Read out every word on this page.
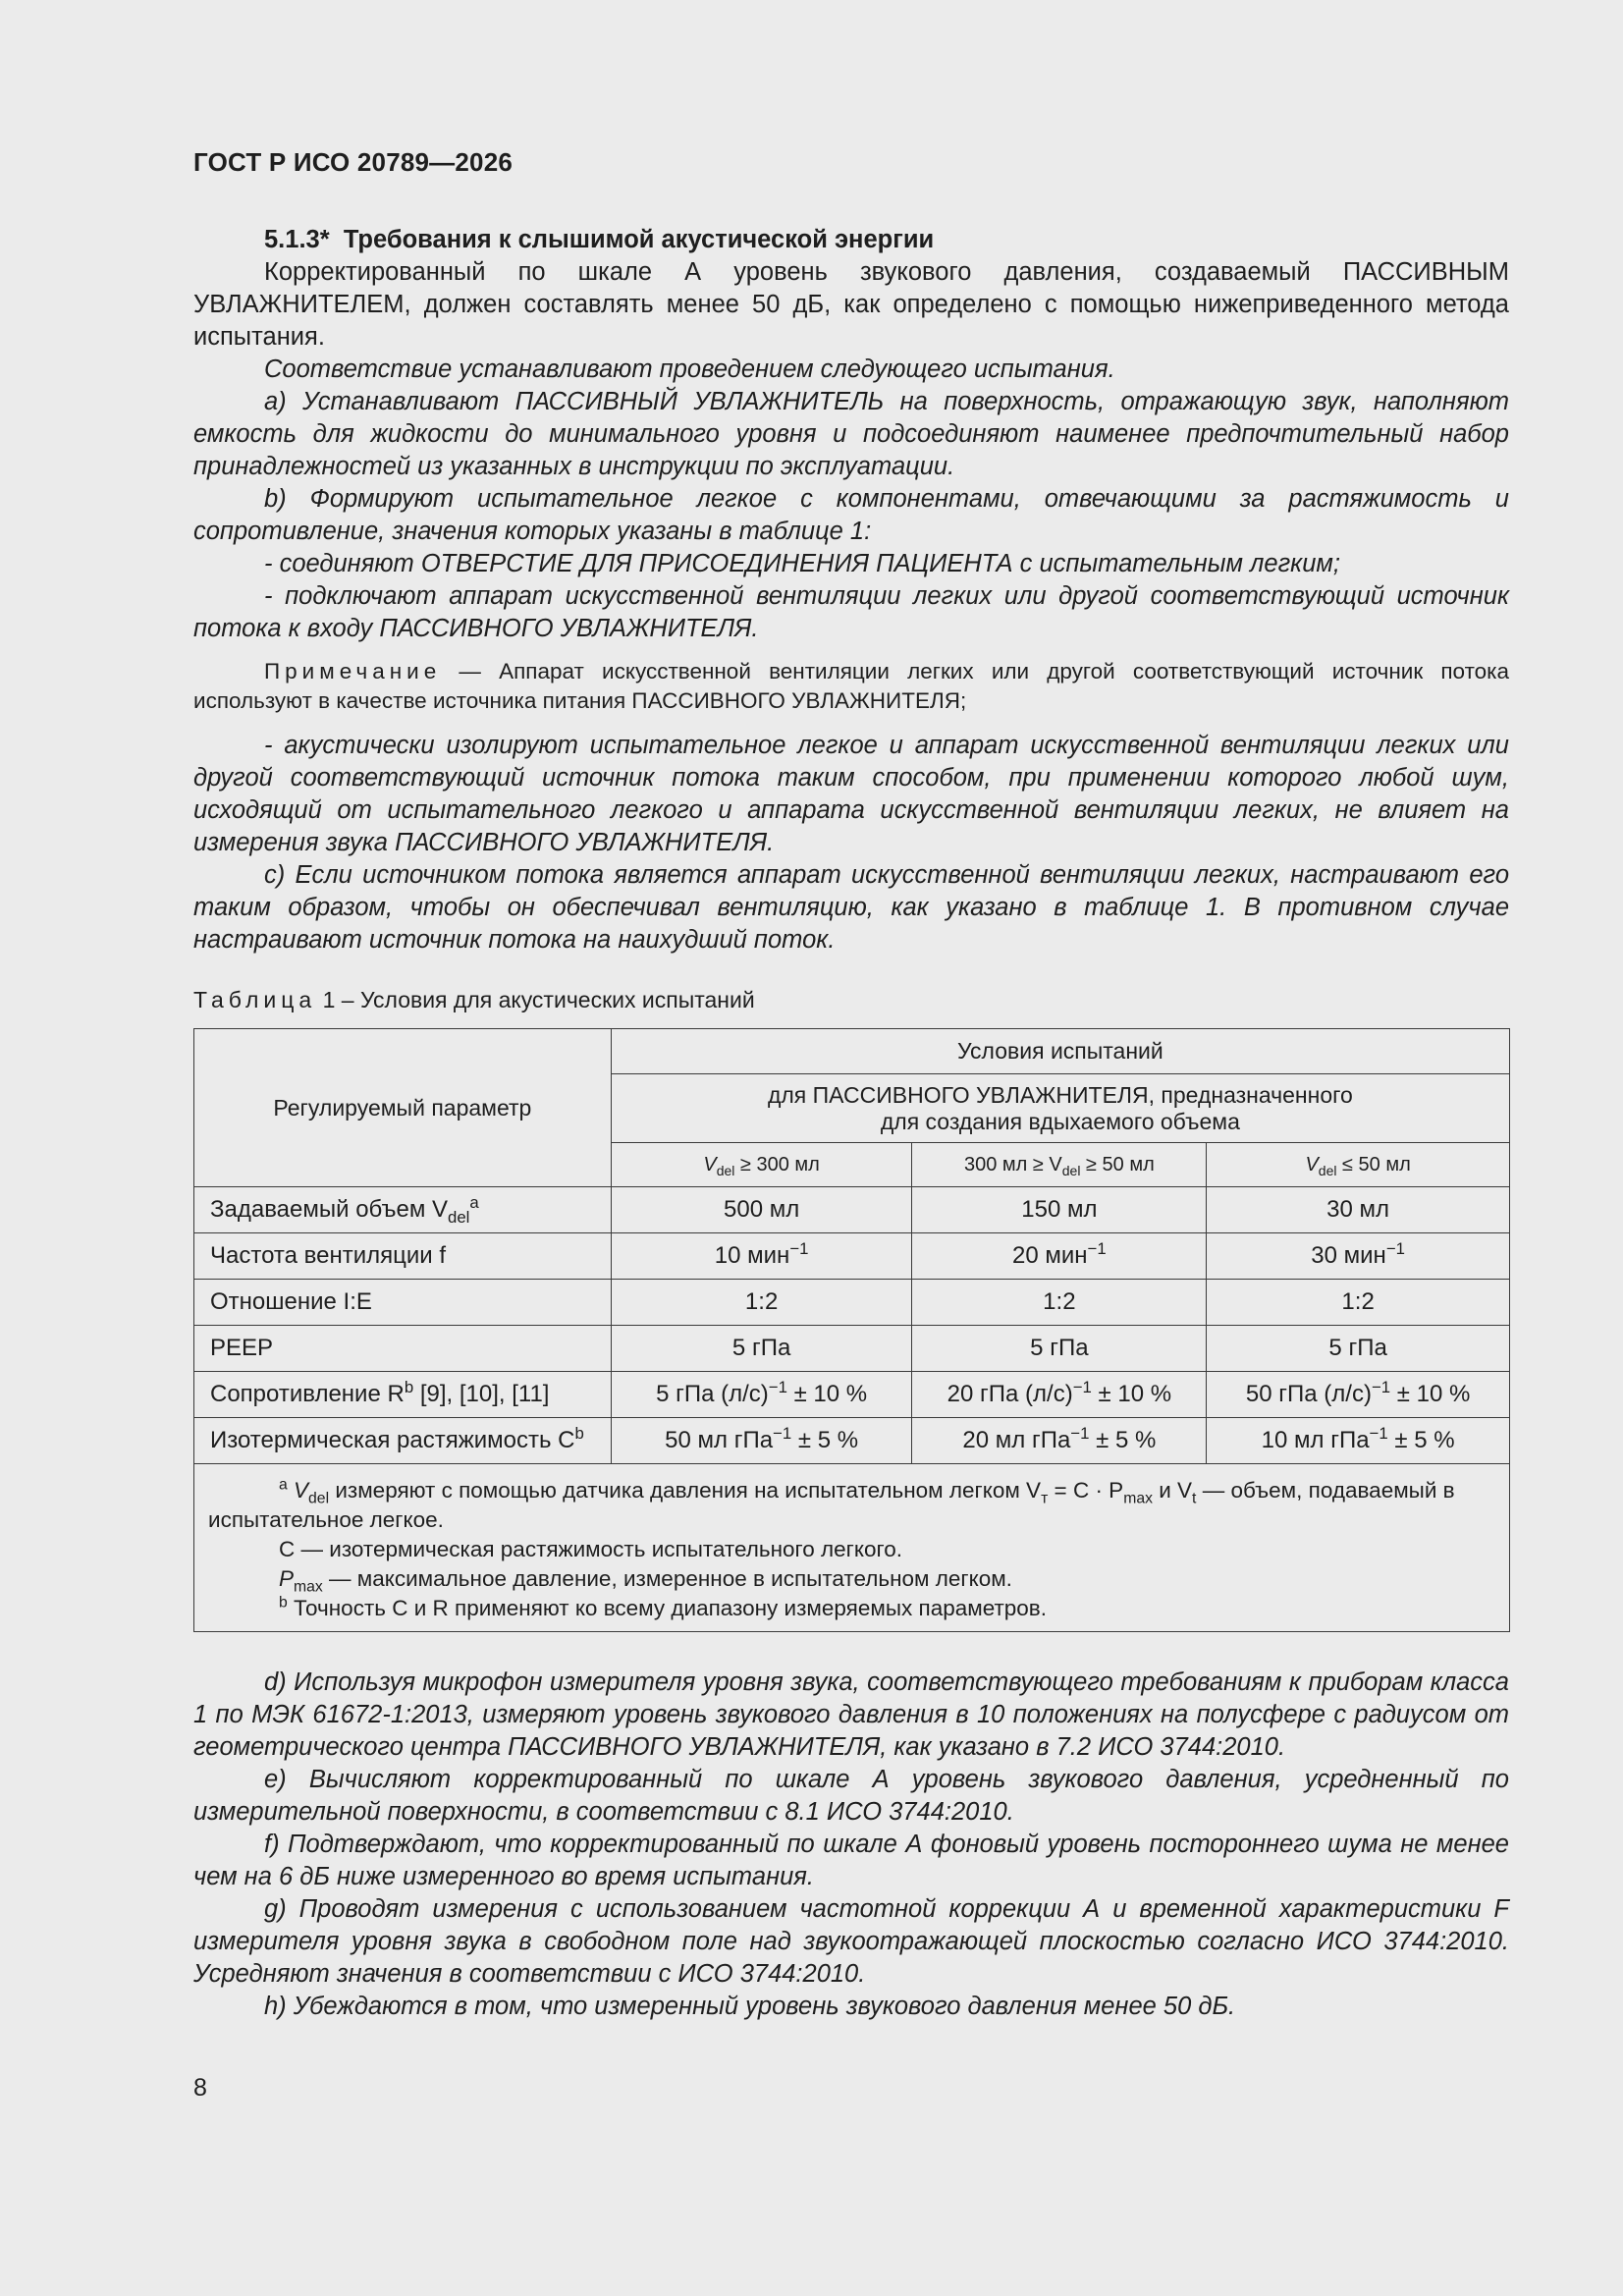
ГОСТ Р ИСО 20789—2026

5.1.3* Требования к слышимой акустической энергии

Корректированный по шкале А уровень звукового давления, создаваемый ПАССИВНЫМ УВЛАЖНИТЕЛЕМ, должен составлять менее 50 дБ, как определено с помощью нижеприведенного метода испытания.

Соответствие устанавливают проведением следующего испытания.

a) Устанавливают ПАССИВНЫЙ УВЛАЖНИТЕЛЬ на поверхность, отражающую звук, наполняют емкость для жидкости до минимального уровня и подсоединяют наименее предпочтительный набор принадлежностей из указанных в инструкции по эксплуатации.

b) Формируют испытательное легкое с компонентами, отвечающими за растяжимость и сопротивление, значения которых указаны в таблице 1:

- соединяют ОТВЕРСТИЕ ДЛЯ ПРИСОЕДИНЕНИЯ ПАЦИЕНТА с испытательным легким;

- подключают аппарат искусственной вентиляции легких или другой соответствующий источник потока к входу ПАССИВНОГО УВЛАЖНИТЕЛЯ.

Примечание — Аппарат искусственной вентиляции легких или другой соответствующий источник потока используют в качестве источника питания ПАССИВНОГО УВЛАЖНИТЕЛЯ;

- акустически изолируют испытательное легкое и аппарат искусственной вентиляции легких или другой соответствующий источник потока таким способом, при применении которого любой шум, исходящий от испытательного легкого и аппарата искусственной вентиляции легких, не влияет на измерения звука ПАССИВНОГО УВЛАЖНИТЕЛЯ.

c) Если источником потока является аппарат искусственной вентиляции легких, настраивают его таким образом, чтобы он обеспечивал вентиляцию, как указано в таблице 1. В противном случае настраивают источник потока на наихудший поток.

Таблица 1 – Условия для акустических испытаний
Регулируемый параметр	Условия испытаний		
	для ПАССИВНОГО УВЛАЖНИТЕЛЯ, предназначенного
для создания вдыхаемого объема		
	$V_{del} \ge 300$ мл	300 мл ≥ $V_{del} \ge 50$ мл	$V_{del} \le 50$ мл
Задаваемый объем $V_{del}^a$	500 мл	150 мл	30 мл
Частота вентиляции f	10 мин$^{-1}$	20 мин$^{-1}$	30 мин$^{-1}$
Отношение I:E	1:2	1:2	1:2
PEEP	5 гПа	5 гПа	5 гПа
Сопротивление $R^b$ [9], [10], [11]	5 гПа $(л/с)^{-1} \pm 10$ %	20 гПа $(л/с)^{-1} \pm 10$ %	50 гПа $(л/с)^{-1} \pm 10$ %
Изотермическая растяжимость $C^b$	50 мл гПа$^{-1}$ ± 5 %	20 мл гПа$^{-1}$ ± 5 %	10 мл гПа$^{-1}$ ± 5 %

$^a$ $V_{del}$ измеряют с помощью датчика давления на испытательном легком $V_т = C \cdot P_{max}$ и $V_t$ — объем, подаваемый в испытательное легкое.
C — изотермическая растяжимость испытательного легкого.
$P_{max}$ — максимальное давление, измеренное в испытательном легком.
$^b$ Точность C и R применяют ко всему диапазону измеряемых параметров.			

d) Используя микрофон измерителя уровня звука, соответствующего требованиям к приборам класса 1 по МЭК 61672-1:2013, измеряют уровень звукового давления в 10 положениях на полусфере с радиусом от геометрического центра ПАССИВНОГО УВЛАЖНИТЕЛЯ, как указано в 7.2 ИСО 3744:2010.

e) Вычисляют корректированный по шкале А уровень звукового давления, усредненный по измерительной поверхности, в соответствии с 8.1 ИСО 3744:2010.

f) Подтверждают, что корректированный по шкале А фоновый уровень постороннего шума не менее чем на 6 дБ ниже измеренного во время испытания.

g) Проводят измерения с использованием частотной коррекции А и временной характеристики F измерителя уровня звука в свободном поле над звукоотражающей плоскостью согласно ИСО 3744:2010. Усредняют значения в соответствии с ИСО 3744:2010.

h) Убеждаются в том, что измеренный уровень звукового давления менее 50 дБ.

8
